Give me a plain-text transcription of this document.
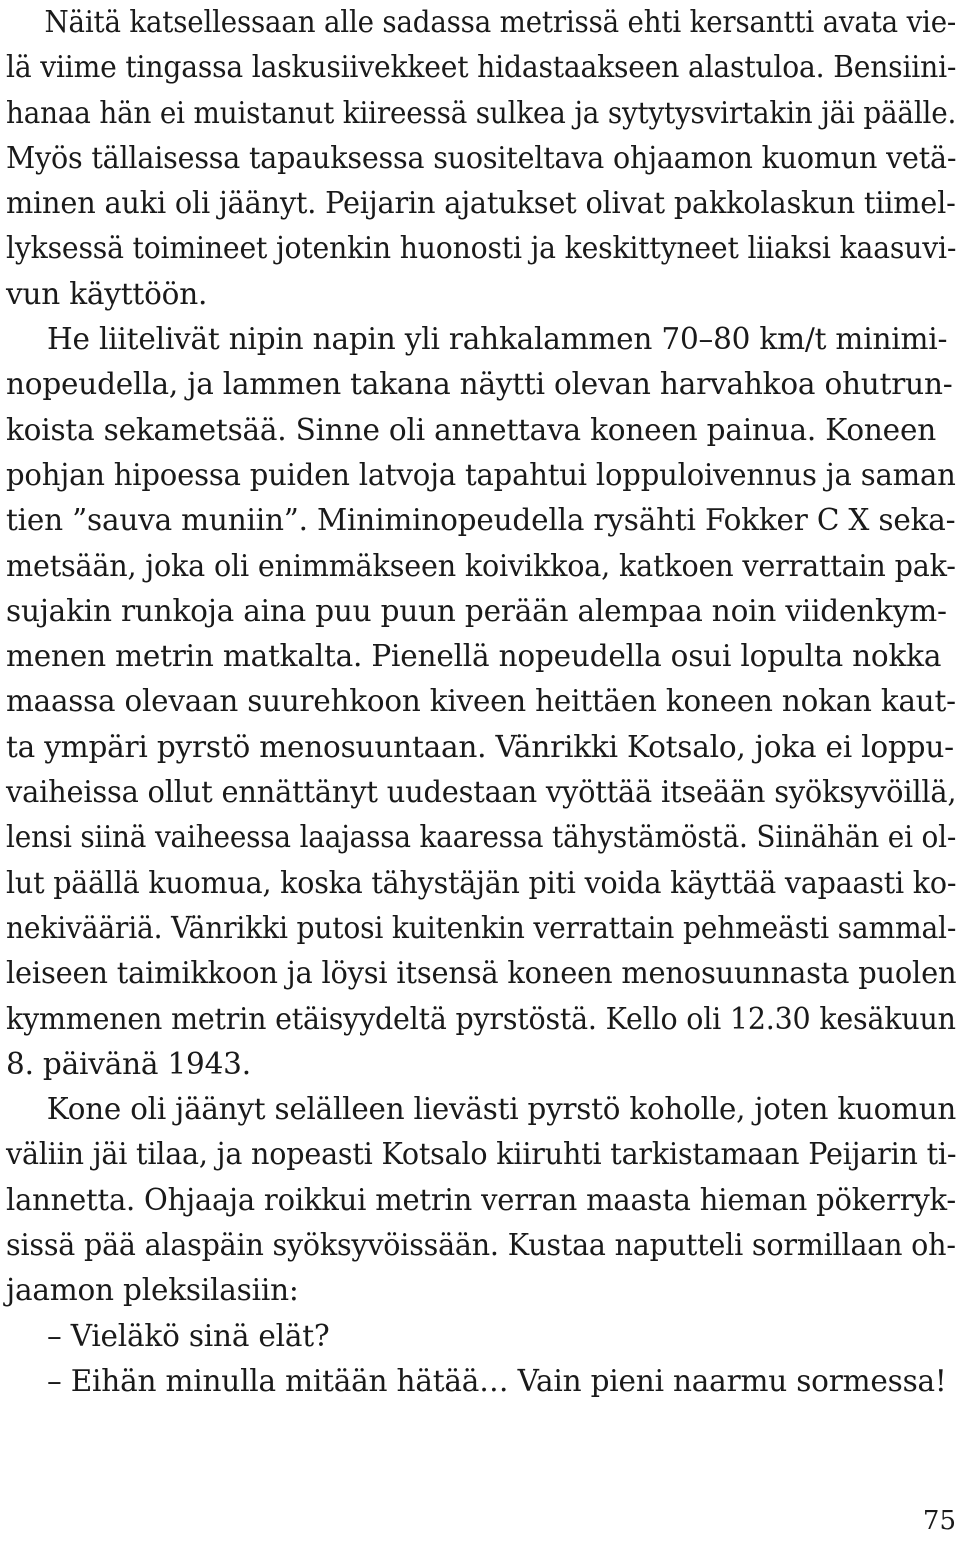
Näitä katsellessaan alle sadassa metrissä ehti kersantti avata vie-
lä viime tingassa laskusiivekkeet hidastaakseen alastuloa. Bensiini-
hanaa hän ei muistanut kiireessä sulkea ja sytytysvirtakin jäi päälle.
Myös tällaisessa tapauksessa suositeltava ohjaamon kuomun vetä-
minen auki oli jäänyt. Peijarin ajatukset olivat pakkolaskun tiimel-
lyksessä toimineet jotenkin huonosti ja keskittyneet liiaksi kaasuvi-
vun käyttöön.
He liitelivät nipin napin yli rahkalammen 70–80 km/t minimi-
nopeudella, ja lammen takana näytti olevan harvahkoa ohutrun-
koista sekametsää. Sinne oli annettava koneen painua. Koneen
pohjan hipoessa puiden latvoja tapahtui loppuloivennus ja saman
tien ”sauva muniin”. Miniminopeudella rysähti Fokker C X seka-
metsään, joka oli enimmäkseen koivikkoa, katkoen verrattain pak-
sujakin runkoja aina puu puun perään alempaa noin viidenkym-
menen metrin matkalta. Pienellä nopeudella osui lopulta nokka
maassa olevaan suurehkoon kiveen heittäen koneen nokan kaut-
ta ympäri pyrstö menosuuntaan. Vänrikki Kotsalo, joka ei loppu-
vaiheissa ollut ennättänyt uudestaan vyöttää itseään syöksyvöillä,
lensi siinä vaiheessa laajassa kaaressa tähystämöstä. Siinähän ei ol-
lut päällä kuomua, koska tähystäjän piti voida käyttää vapaasti ko-
nekivääriä. Vänrikki putosi kuitenkin verrattain pehmeästi sammal-
leiseen taimikkoon ja löysi itsensä koneen menosuunnasta puolen
kymmenen metrin etäisyydeltä pyrstöstä. Kello oli 12.30 kesäkuun
8. päivänä 1943.
Kone oli jäänyt selälleen lievästi pyrstö koholle, joten kuomun
väliin jäi tilaa, ja nopeasti Kotsalo kiiruhti tarkistamaan Peijarin ti-
lannetta. Ohjaaja roikkui metrin verran maasta hieman pökerryk-
sissä pää alaspäin syöksyvöissään. Kustaa naputteli sormillaan oh-
jaamon pleksilasiin:
– Vieläkö sinä elät?
– Eihän minulla mitään hätää… Vain pieni naarmu sormessa!
75
